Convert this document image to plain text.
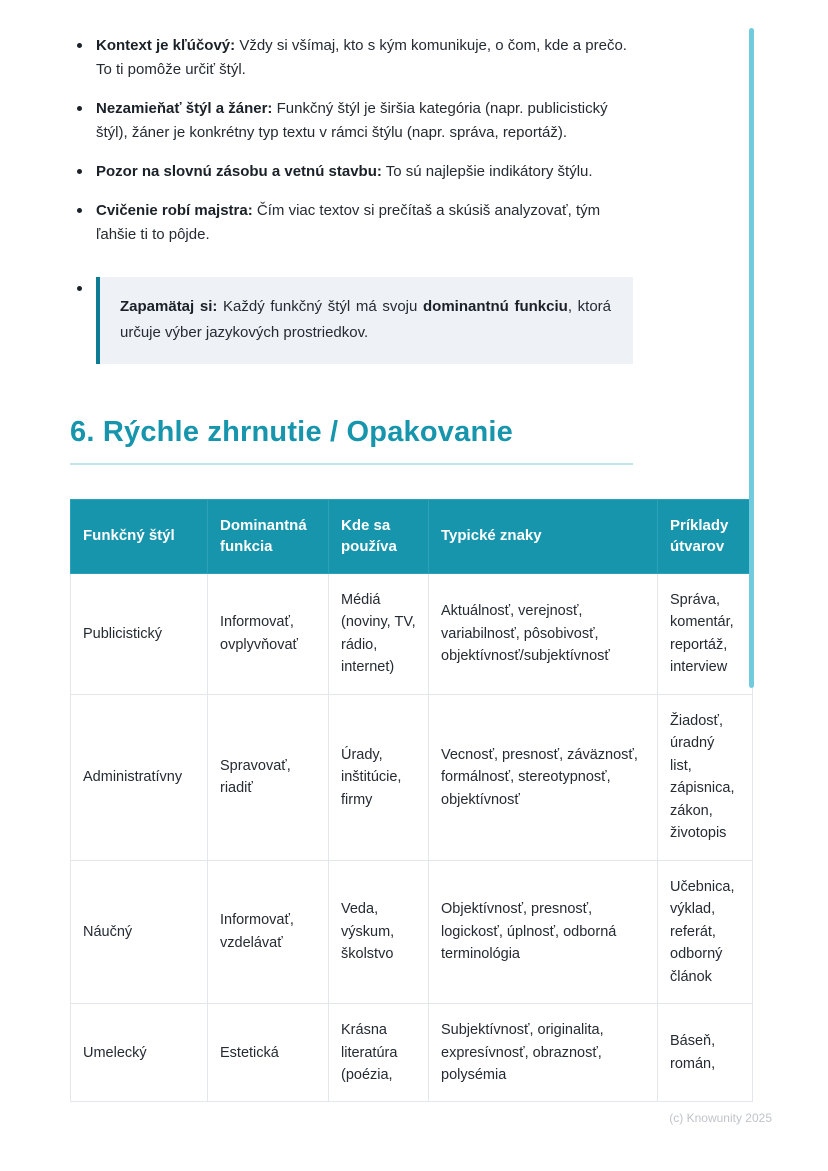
Kontext je kľúčový: Vždy si všímaj, kto s kým komunikuje, o čom, kde a prečo. To ti pomôže určiť štýl.
Nezamieňať štýl a žáner: Funkčný štýl je širšia kategória (napr. publicistický štýl), žáner je konkrétny typ textu v rámci štýlu (napr. správa, reportáž).
Pozor na slovnú zásobu a vetnú stavbu: To sú najlepšie indikátory štýlu.
Cvičenie robí majstra: Čím viac textov si prečítaš a skúsiš analyzovať, tým ľahšie ti to pôjde.
Zapamätaj si: Každý funkčný štýl má svoju dominantnú funkciu, ktorá určuje výber jazykových prostriedkov.
6. Rýchle zhrnutie / Opakovanie
Funkčný štýl	Dominantná funkcia	Kde sa používa	Typické znaky	Príklady útvarov
Publicistický	Informovať, ovplyvňovať	Médiá (noviny, TV, rádio, internet)	Aktuálnosť, verejnosť, variabilnosť, pôsobivosť, objektívnosť/subjektívnosť	Správa, komentár, reportáž, interview
Administratívny	Spravovať, riadiť	Úrady, inštitúcie, firmy	Vecnosť, presnosť, záväznosť, formálnosť, stereotypnosť, objektívnosť	Žiadosť, úradný list, zápisnica, zákon, životopis
Náučný	Informovať, vzdelávať	Veda, výskum, školstvo	Objektívnosť, presnosť, logickosť, úplnosť, odborná terminológia	Učebnica, výklad, referát, odborný článok
Umelecký	Estetická	Krásna literatúra (poézia,	Subjektívnosť, originalita, expresívnosť, obraznosť, polysémia	Báseň, román,
(c) Knowunity 2025
